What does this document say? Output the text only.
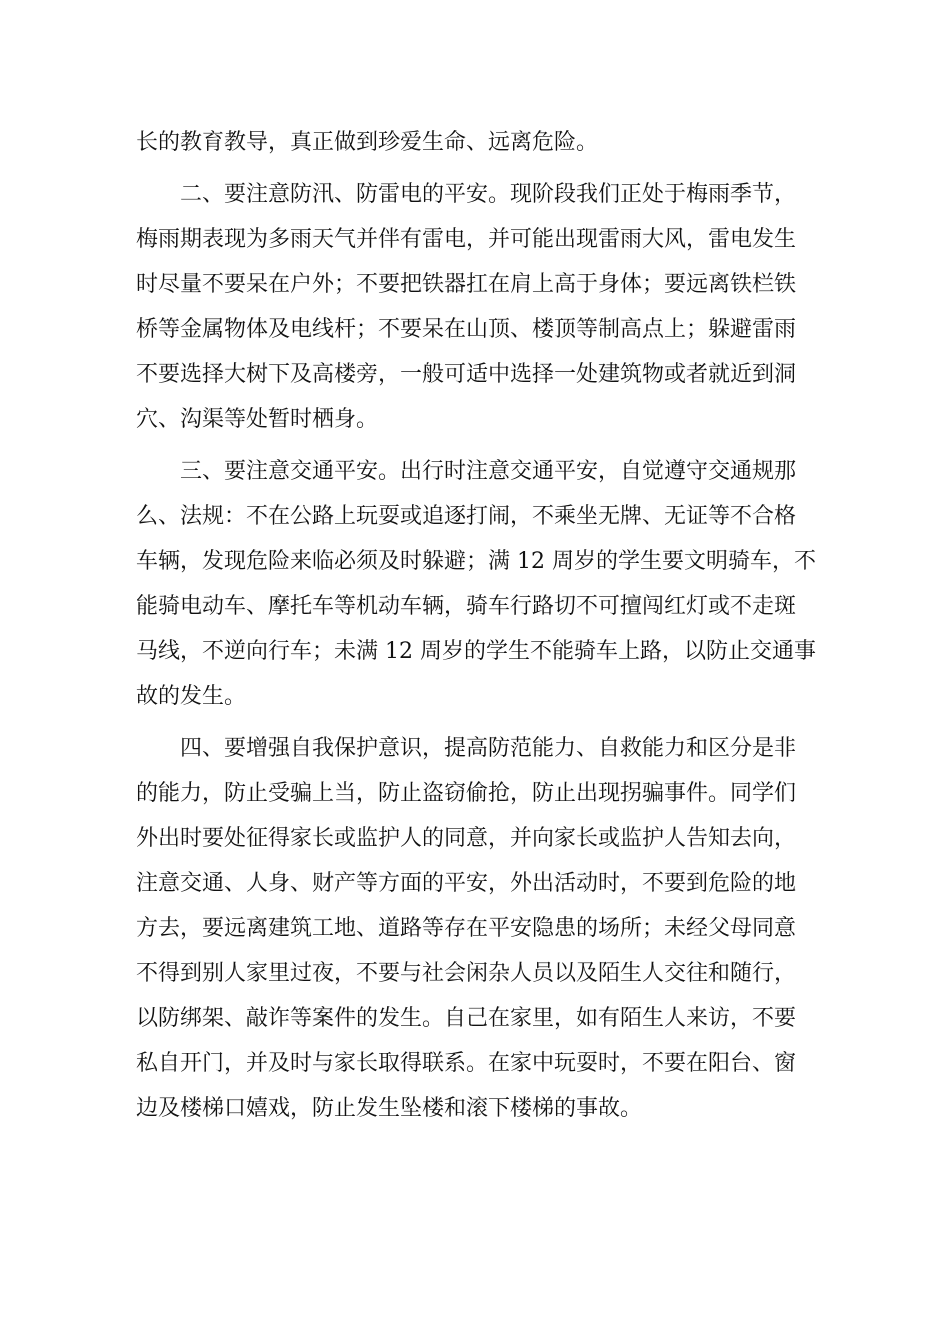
长的教育教导，真正做到珍爱生命、远离危险。
二、要注意防汛、防雷电的平安。现阶段我们正处于梅雨季节，
梅雨期表现为多雨天气并伴有雷电，并可能出现雷雨大风，雷电发生
时尽量不要呆在户外；不要把铁器扛在肩上高于身体；要远离铁栏铁
桥等金属物体及电线杆；不要呆在山顶、楼顶等制高点上；躲避雷雨
不要选择大树下及高楼旁，一般可适中选择一处建筑物或者就近到洞
穴、沟渠等处暂时栖身。
三、要注意交通平安。出行时注意交通平安，自觉遵守交通规那
么、法规：不在公路上玩耍或追逐打闹，不乘坐无牌、无证等不合格
车辆，发现危险来临必须及时躲避；满 12 周岁的学生要文明骑车，不
能骑电动车、摩托车等机动车辆，骑车行路切不可擅闯红灯或不走斑
马线，不逆向行车；未满 12 周岁的学生不能骑车上路，以防止交通事
故的发生。
四、要增强自我保护意识，提高防范能力、自救能力和区分是非
的能力，防止受骗上当，防止盗窃偷抢，防止出现拐骗事件。同学们
外出时要处征得家长或监护人的同意，并向家长或监护人告知去向，
注意交通、人身、财产等方面的平安，外出活动时，不要到危险的地
方去，要远离建筑工地、道路等存在平安隐患的场所；未经父母同意
不得到别人家里过夜，不要与社会闲杂人员以及陌生人交往和随行，
以防绑架、敲诈等案件的发生。自己在家里，如有陌生人来访，不要
私自开门，并及时与家长取得联系。在家中玩耍时，不要在阳台、窗
边及楼梯口嬉戏，防止发生坠楼和滚下楼梯的事故。
